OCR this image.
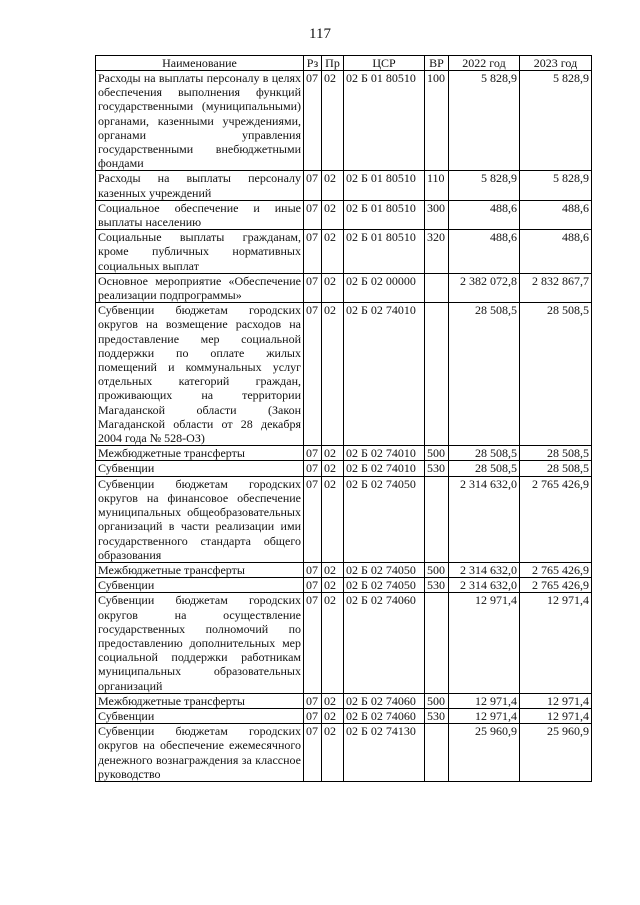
117
Наименование	Рз	Пр	ЦСР	ВР	2022 год	2023 год
Расходы на выплаты персоналу в целях обеспечения выполнения функций государственными (муниципальными) органами, казенными учреждениями, органами управления государственными внебюджетными фондами	07	02	02 Б 01 80510	100	5 828,9	5 828,9
Расходы на выплаты персоналу казенных учреждений	07	02	02 Б 01 80510	110	5 828,9	5 828,9
Социальное обеспечение и иные выплаты населению	07	02	02 Б 01 80510	300	488,6	488,6
Социальные выплаты гражданам, кроме публичных нормативных социальных выплат	07	02	02 Б 01 80510	320	488,6	488,6
Основное мероприятие «Обеспечение реализации подпрограммы»	07	02	02 Б 02 00000		2 382 072,8	2 832 867,7
Субвенции бюджетам городских округов на возмещение расходов на предоставление мер социальной поддержки по оплате жилых помещений и коммунальных услуг отдельных категорий граждан, проживающих на территории Магаданской области (Закон Магаданской области от 28 декабря 2004 года № 528-ОЗ)	07	02	02 Б 02 74010		28 508,5	28 508,5
Межбюджетные трансферты	07	02	02 Б 02 74010	500	28 508,5	28 508,5
Субвенции	07	02	02 Б 02 74010	530	28 508,5	28 508,5
Субвенции бюджетам городских округов на финансовое обеспечение муниципальных общеобразовательных организаций в части реализации ими государственного стандарта общего образования	07	02	02 Б 02 74050		2 314 632,0	2 765 426,9
Межбюджетные трансферты	07	02	02 Б 02 74050	500	2 314 632,0	2 765 426,9
Субвенции	07	02	02 Б 02 74050	530	2 314 632,0	2 765 426,9
Субвенции бюджетам городских округов на осуществление государственных полномочий по предоставлению дополнительных мер социальной поддержки работникам муниципальных образовательных организаций	07	02	02 Б 02 74060		12 971,4	12 971,4
Межбюджетные трансферты	07	02	02 Б 02 74060	500	12 971,4	12 971,4
Субвенции	07	02	02 Б 02 74060	530	12 971,4	12 971,4
Субвенции бюджетам городских округов на обеспечение ежемесячного денежного вознаграждения за классное руководство	07	02	02 Б 02 74130		25 960,9	25 960,9
